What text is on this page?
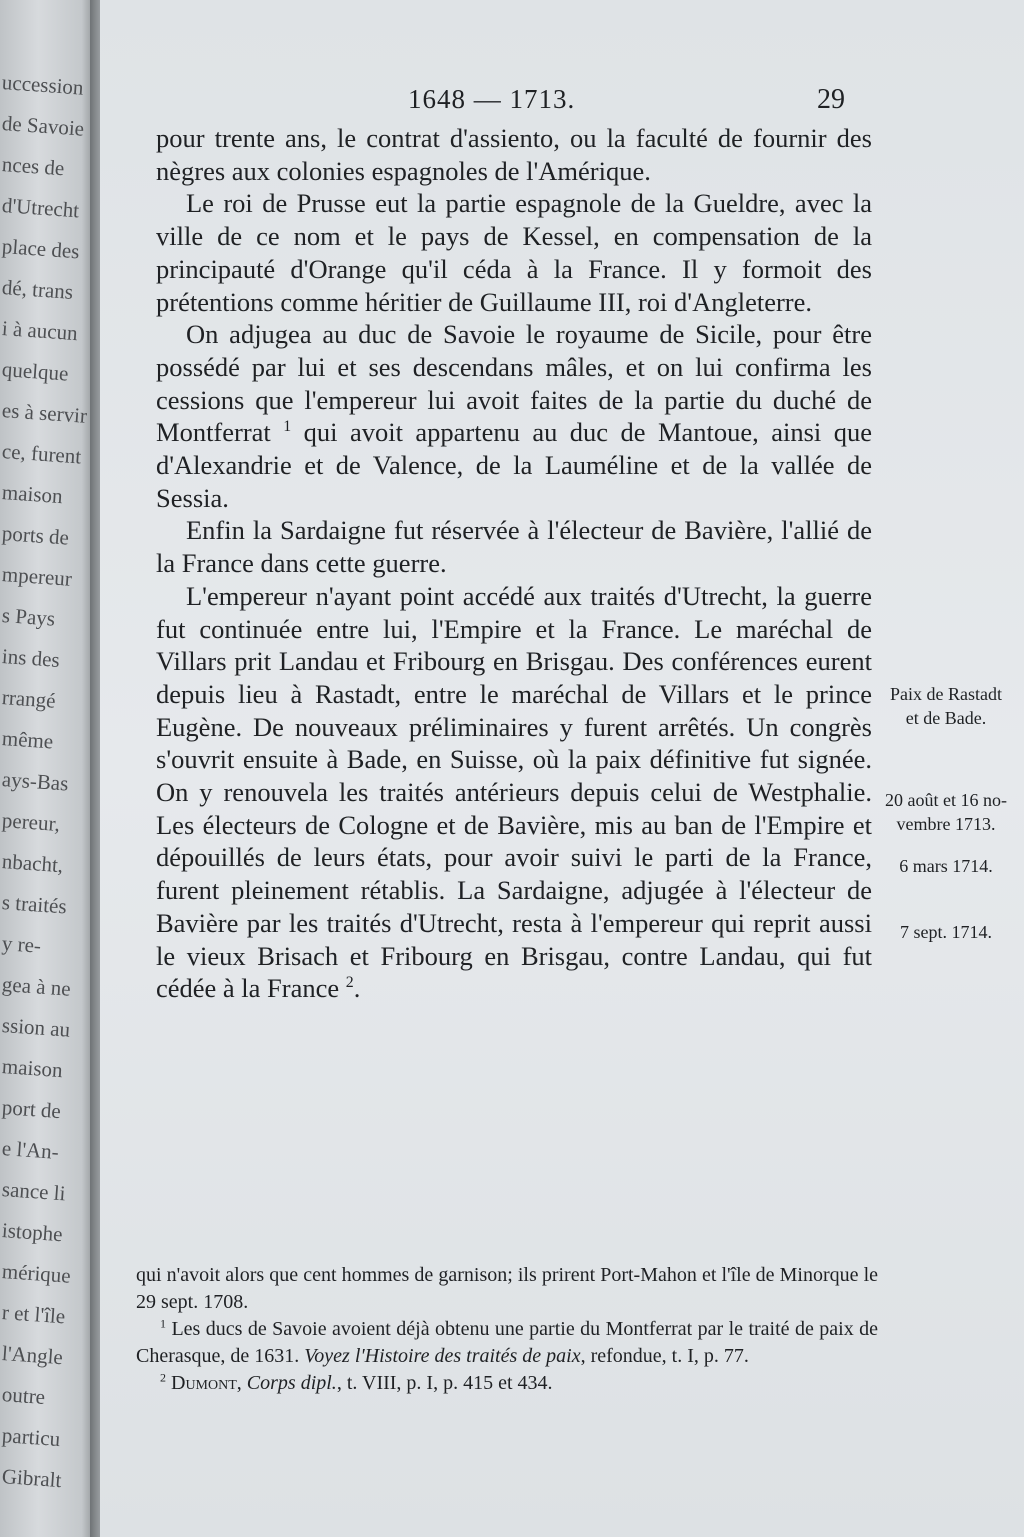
uccession
de Savoie
nces de
d'Utrecht
place des
dé, trans
i à aucun
quelque
es à servir
ce, furent
maison
ports de
mpereur
s Pays
ins des
rrangé
même
ays-Bas
pereur,
nbacht,
s traités
y re-
gea à ne
ssion au
maison
port de
e l'An-
sance li
istophe
mérique
r et l'île
l'Angle
outre
particu
Gibralt
1648 — 1713.	29

pour trente ans, le contrat d'assiento, ou la faculté de fournir des nègres aux colonies espagnoles de l'Amérique.

Le roi de Prusse eut la partie espagnole de la Gueldre, avec la ville de ce nom et le pays de Kessel, en compensation de la principauté d'Orange qu'il céda à la France. Il y formoit des prétentions comme héritier de Guillaume III, roi d'Angleterre.

On adjugea au duc de Savoie le royaume de Sicile, pour être possédé par lui et ses descendans mâles, et on lui confirma les cessions que l'empereur lui avoit faites de la partie du duché de Montferrat $^1$ qui avoit appartenu au duc de Mantoue, ainsi que d'Alexandrie et de Valence, de la Lauméline et de la vallée de Sessia.

Enfin la Sardaigne fut réservée à l'électeur de Bavière, l'allié de la France dans cette guerre.

L'empereur n'ayant point accédé aux traités d'Utrecht, la guerre fut continuée entre lui, l'Empire et la France. Le maréchal de Villars prit Landau et Fribourg en Brisgau. Des conférences eurent depuis lieu à Rastadt, entre le maréchal de Villars et le prince Eugène. De nouveaux préliminaires y furent arrêtés. Un congrès s'ouvrit ensuite à Bade, en Suisse, où la paix définitive fut signée. On y renouvela les traités antérieurs depuis celui de Westphalie. Les électeurs de Cologne et de Bavière, mis au ban de l'Empire et dépouillés de leurs états, pour avoir suivi le parti de la France, furent pleinement rétablis. La Sardaigne, adjugée à l'électeur de Bavière par les traités d'Utrecht, resta à l'empereur qui reprit aussi le vieux Brisach et Fribourg en Brisgau, contre Landau, qui fut cédée à la France $^2$.

Paix de Rastadt
et de Bade.
20 août et 16 no-
vembre 1713.
6 mars 1714.
7 sept. 1714.

qui n'avoit alors que cent hommes de garnison; ils prirent Port-Mahon et l'île de Minorque le 29 sept. 1708.

$^1$ Les ducs de Savoie avoient déjà obtenu une partie du Montferrat par le traité de paix de Cherasque, de 1631. Voyez l'Histoire des traités de paix, refondue, t. I, p. 77.

$^2$ Dumont, Corps dipl., t. VIII, p. I, p. 415 et 434.
